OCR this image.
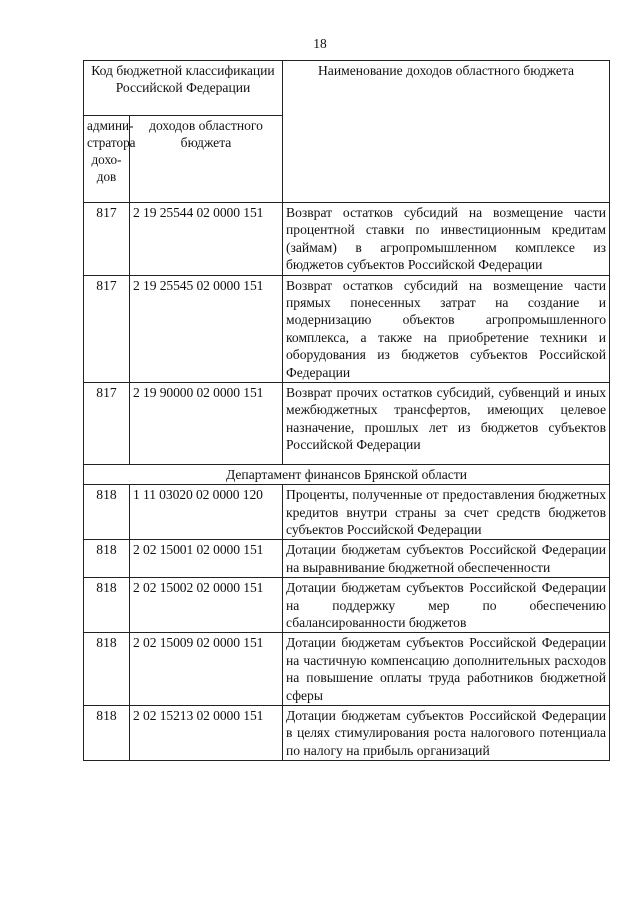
18
Код бюджетной классификации Российской Федерации		Наименование доходов областного бюджета
админи-стратора дохо-дов	доходов областного бюджета	
817	2 19 25544 02 0000 151	Возврат остатков субсидий на возмещение части процентной ставки по инвестиционным кредитам (займам) в агропромышленном комплексе из бюджетов субъектов Российской Федерации
817	2 19 25545 02 0000 151	Возврат остатков субсидий на возмещение части прямых понесенных затрат на создание и модернизацию объектов агропромышленного комплекса, а также на приобретение техники и оборудования из бюджетов субъектов Российской Федерации
817	2 19 90000 02 0000 151	Возврат прочих остатков субсидий, субвенций и иных межбюджетных трансфертов, имеющих целевое назначение, прошлых лет из бюджетов субъектов Российской Федерации
Департамент финансов Брянской области		
818	1 11 03020 02 0000 120	Проценты, полученные от предоставления бюджетных кредитов внутри страны за счет средств бюджетов субъектов Российской Федерации
818	2 02 15001 02 0000 151	Дотации бюджетам субъектов Российской Федерации на выравнивание бюджетной обеспеченности
818	2 02 15002 02 0000 151	Дотации бюджетам субъектов Российской Федерации на поддержку мер по обеспечению сбалансированности бюджетов
818	2 02 15009 02 0000 151	Дотации бюджетам субъектов Российской Федерации на частичную компенсацию дополнительных расходов на повышение оплаты труда работников бюджетной сферы
818	2 02 15213 02 0000 151	Дотации бюджетам субъектов Российской Федерации в целях стимулирования роста налогового потенциала по налогу на прибыль организаций
